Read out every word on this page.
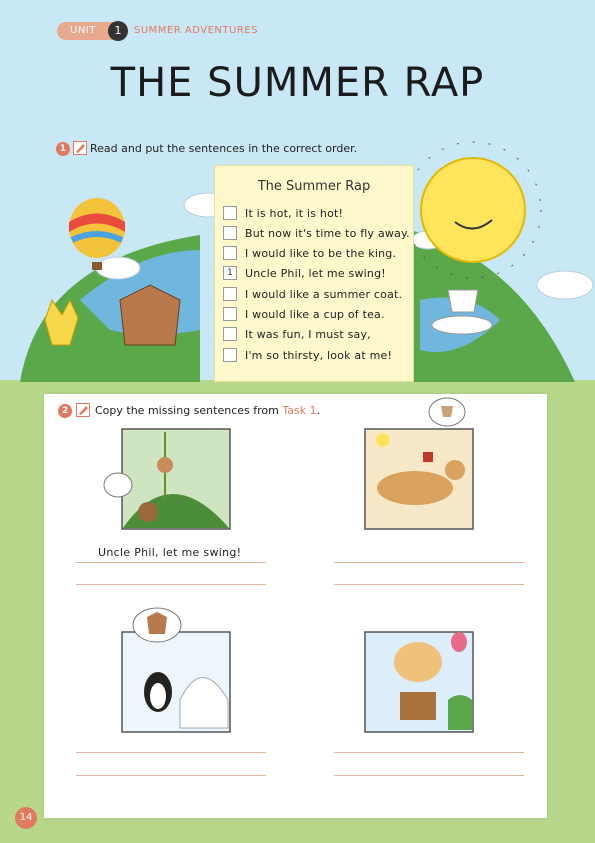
UNIT	1	SUMMER ADVENTURES
THE SUMMER RAP
1	Read and put the sentences in the correct order.
The Summer Rap
It is hot, it is hot!
But now it's time to fly away.
I would like to be the king.
1	Uncle Phil, let me swing!
I would like a summer coat.
I would like a cup of tea.
It was fun, I must say,
I'm so thirsty, look at me!
2	Copy the missing sentences from Task 1.
Uncle Phil, let me swing!
14
